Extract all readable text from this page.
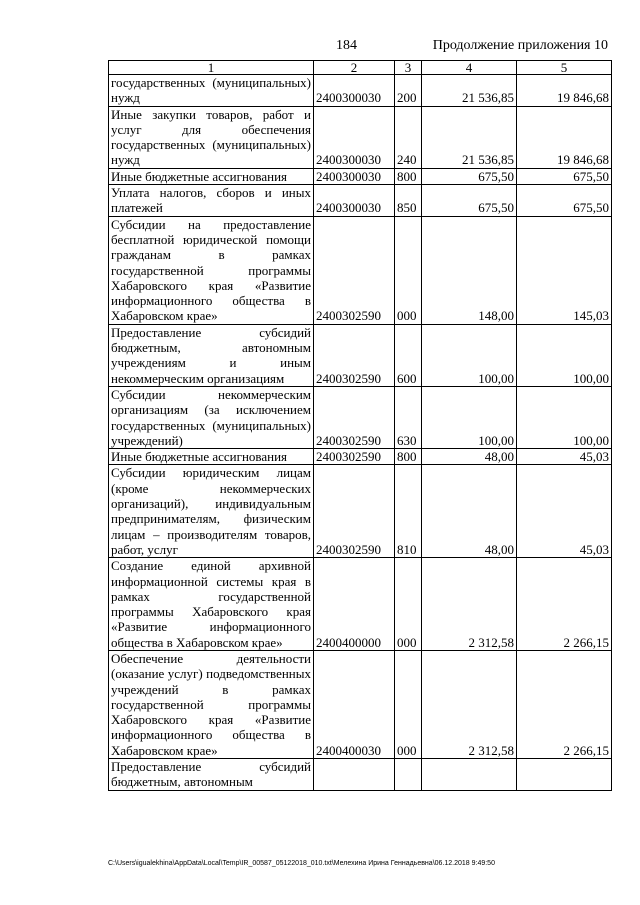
184	Продолжение приложения 10
1	2	3	4	5
государственных (муниципальных) нужд	2400300030	200	21 536,85	19 846,68
Иные закупки товаров, работ и услуг для обеспечения государственных (муниципальных) нужд	2400300030	240	21 536,85	19 846,68
Иные бюджетные ассигнования	2400300030	800	675,50	675,50
Уплата налогов, сборов и иных платежей	2400300030	850	675,50	675,50
Субсидии на предоставление бесплатной юридической помощи гражданам в рамках государственной программы Хабаровского края «Развитие информационного общества в Хабаровском крае»	2400302590	000	148,00	145,03
Предоставление субсидий бюджетным, автономным учреждениям и иным некоммерческим организациям	2400302590	600	100,00	100,00
Субсидии некоммерческим организациям (за исключением государственных (муниципальных) учреждений)	2400302590	630	100,00	100,00
Иные бюджетные ассигнования	2400302590	800	48,00	45,03
Субсидии юридическим лицам (кроме некоммерческих организаций), индивидуальным предпринимателям, физическим лицам – производителям товаров, работ, услуг	2400302590	810	48,00	45,03
Создание единой архивной информационной системы края в рамках государственной программы Хабаровского края «Развитие информационного общества в Хабаровском крае»	2400400000	000	2 312,58	2 266,15
Обеспечение деятельности (оказание услуг) подведомственных учреждений в рамках государственной программы Хабаровского края «Развитие информационного общества в Хабаровском крае»	2400400030	000	2 312,58	2 266,15
Предоставление субсидий бюджетным, автономным				
C:\Users\igualekhina\AppData\Local\Temp\IR_00587_05122018_010.txt\Мелехина Ирина Геннадьевна\06.12.2018 9:49:50
